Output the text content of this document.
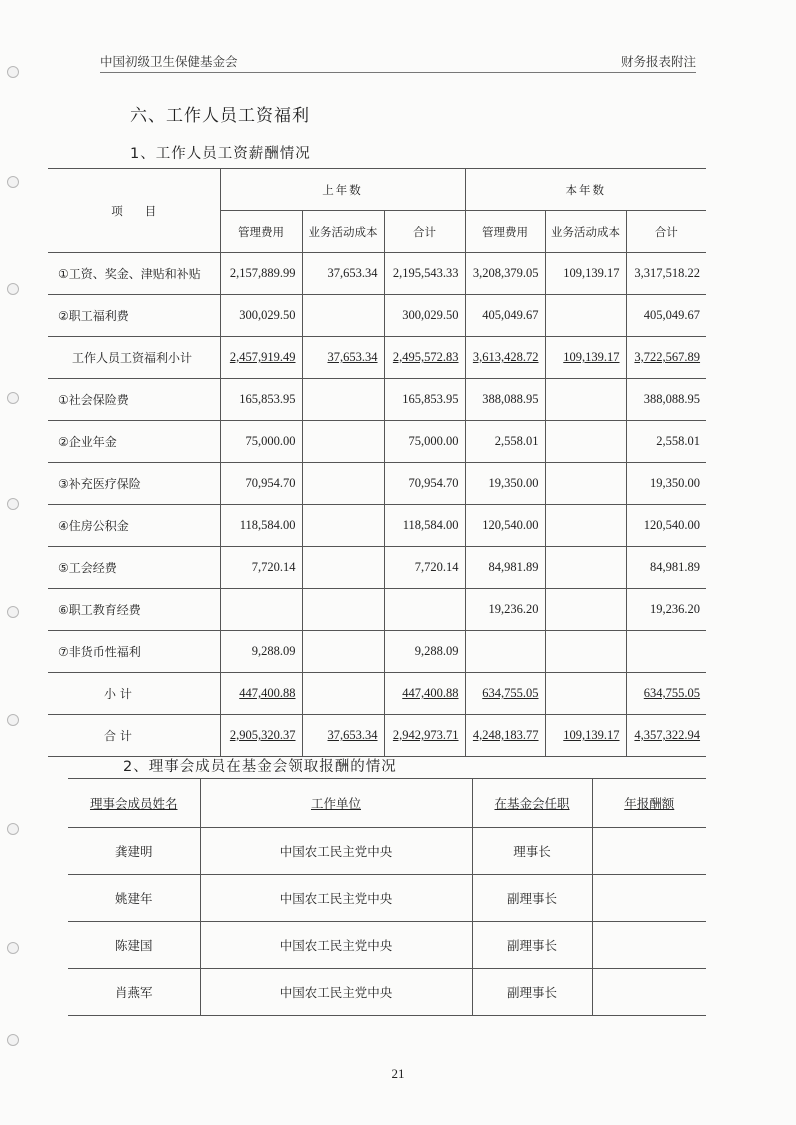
中国初级卫生保健基金会	财务报表附注
六、工作人员工资福利
1、工作人员工资薪酬情况
项目	上年数			本年数		
	管理费用	业务活动成本	合计	管理费用	业务活动成本	合计
①工资、奖金、津贴和补贴	2,157,889.99	37,653.34	2,195,543.33	3,208,379.05	109,139.17	3,317,518.22
②职工福利费	300,029.50		300,029.50	405,049.67		405,049.67
工作人员工资福利小计	2,457,919.49	37,653.34	2,495,572.83	3,613,428.72	109,139.17	3,722,567.89
①社会保险费	165,853.95		165,853.95	388,088.95		388,088.95
②企业年金	75,000.00		75,000.00	2,558.01		2,558.01
③补充医疗保险	70,954.70		70,954.70	19,350.00		19,350.00
④住房公积金	118,584.00		118,584.00	120,540.00		120,540.00
⑤工会经费	7,720.14		7,720.14	84,981.89		84,981.89
⑥职工教育经费				19,236.20		19,236.20
⑦非货币性福利	9,288.09		9,288.09			
小 计	447,400.88		447,400.88	634,755.05		634,755.05
合 计	2,905,320.37	37,653.34	2,942,973.71	4,248,183.77	109,139.17	4,357,322.94
2、理事会成员在基金会领取报酬的情况
理事会成员姓名	工作单位	在基金会任职	年报酬额
龚建明	中国农工民主党中央	理事长	
姚建年	中国农工民主党中央	副理事长	
陈建国	中国农工民主党中央	副理事长	
肖燕军	中国农工民主党中央	副理事长	
21
